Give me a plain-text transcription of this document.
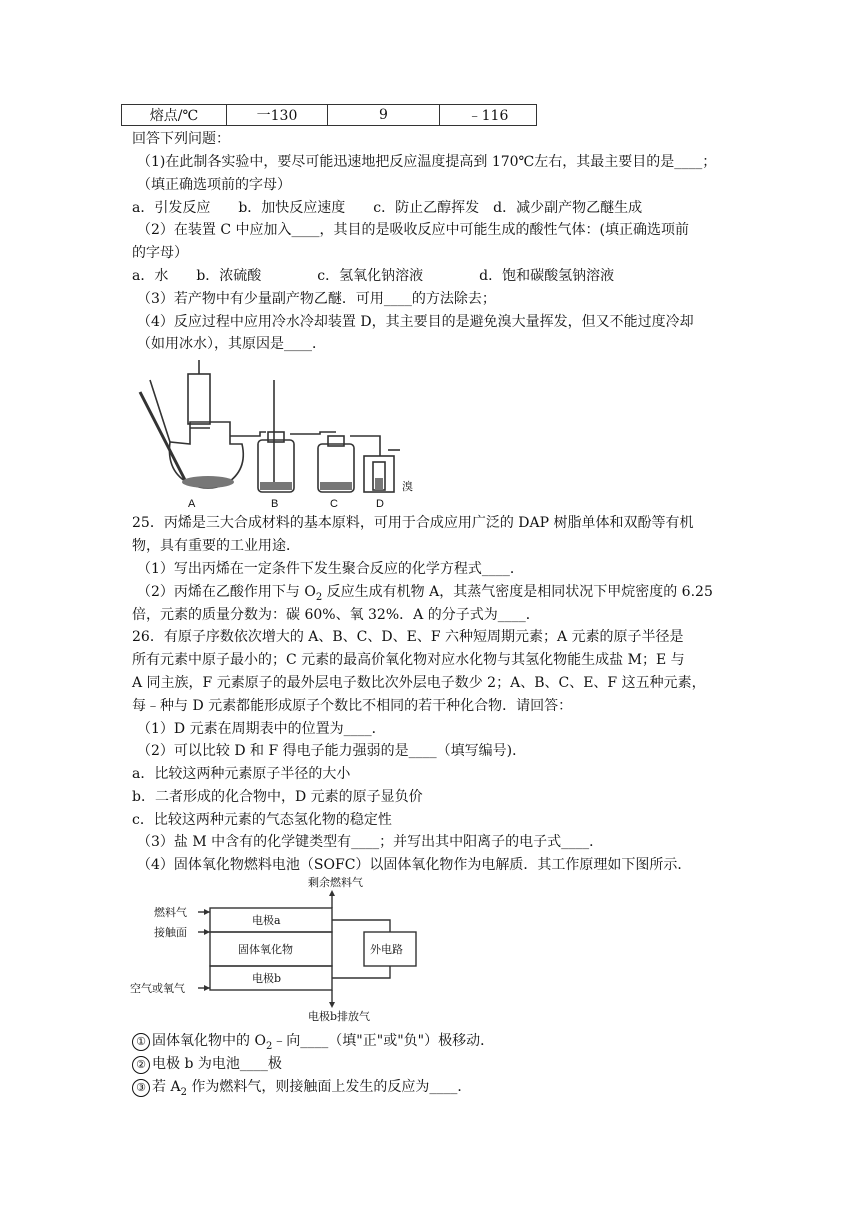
熔点/℃	一130	9	﹣116
回答下列问题：
（1)在此制各实验中，要尽可能迅速地把反应温度提高到 170℃左右，其最主要目的是____；
（填正确选项前的字母）
a．引发反应　　b．加快反应速度　　c．防止乙醇挥发　d．减少副产物乙醚生成
（2）在装置 C 中应加入____，其目的是吸收反应中可能生成的酸性气体：(填正确选项前
的字母）
a．水　　b．浓硫酸　　　　c．氢氧化钠溶液　　　　d．饱和碳酸氢钠溶液
（3）若产物中有少量副产物乙醚．可用____的方法除去；
（4）反应过程中应用冷水冷却装置 D，其主要目的是避免溴大量挥发，但又不能过度冷却
（如用冰水），其原因是____．
A	B	C	D
溴
25．丙烯是三大合成材料的基本原料，可用于合成应用广泛的 DAP 树脂单体和双酚等有机
物，具有重要的工业用途．
（1）写出丙烯在一定条件下发生聚合反应的化学方程式____．
（2）丙烯在乙酸作用下与 $O_2$ 反应生成有机物 A，其蒸气密度是相同状况下甲烷密度的 6.25
倍，元素的质量分数为：碳 60%、氧 32%．A 的分子式为____．
26．有原子序数依次增大的 A、B、C、D、E、F 六种短周期元素；A 元素的原子半径是
所有元素中原子最小的；C 元素的最高价氧化物对应水化物与其氢化物能生成盐 M；E 与
A 同主族，F 元素原子的最外层电子数比次外层电子数少 2；A、B、C、E、F 这五种元素，
每﹣种与 D 元素都能形成原子个数比不相同的若干种化合物．请回答：
（1）D 元素在周期表中的位置为____．
（2）可以比较 D 和 F 得电子能力强弱的是____（填写编号)．
a．比较这两种元素原子半径的大小
b．二者形成的化合物中，D 元素的原子显负价
c．比较这两种元素的气态氢化物的稳定性
（3）盐 M 中含有的化学键类型有____；并写出其中阳离子的电子式____．
（4）固体氧化物燃料电池（SOFC）以固体氧化物作为电解质．其工作原理如下图所示．
剩余燃料气
燃料气
接触面
空气或氧气
电极a
固体氧化物
电极b
外电路
电极b排放气
① 固体氧化物中的 $O_2﹣$向____（填"正"或"负"）极移动．
② 电极 b 为电池____极
③ 若 $A_2$ 作为燃料气，则接触面上发生的反应为____．
